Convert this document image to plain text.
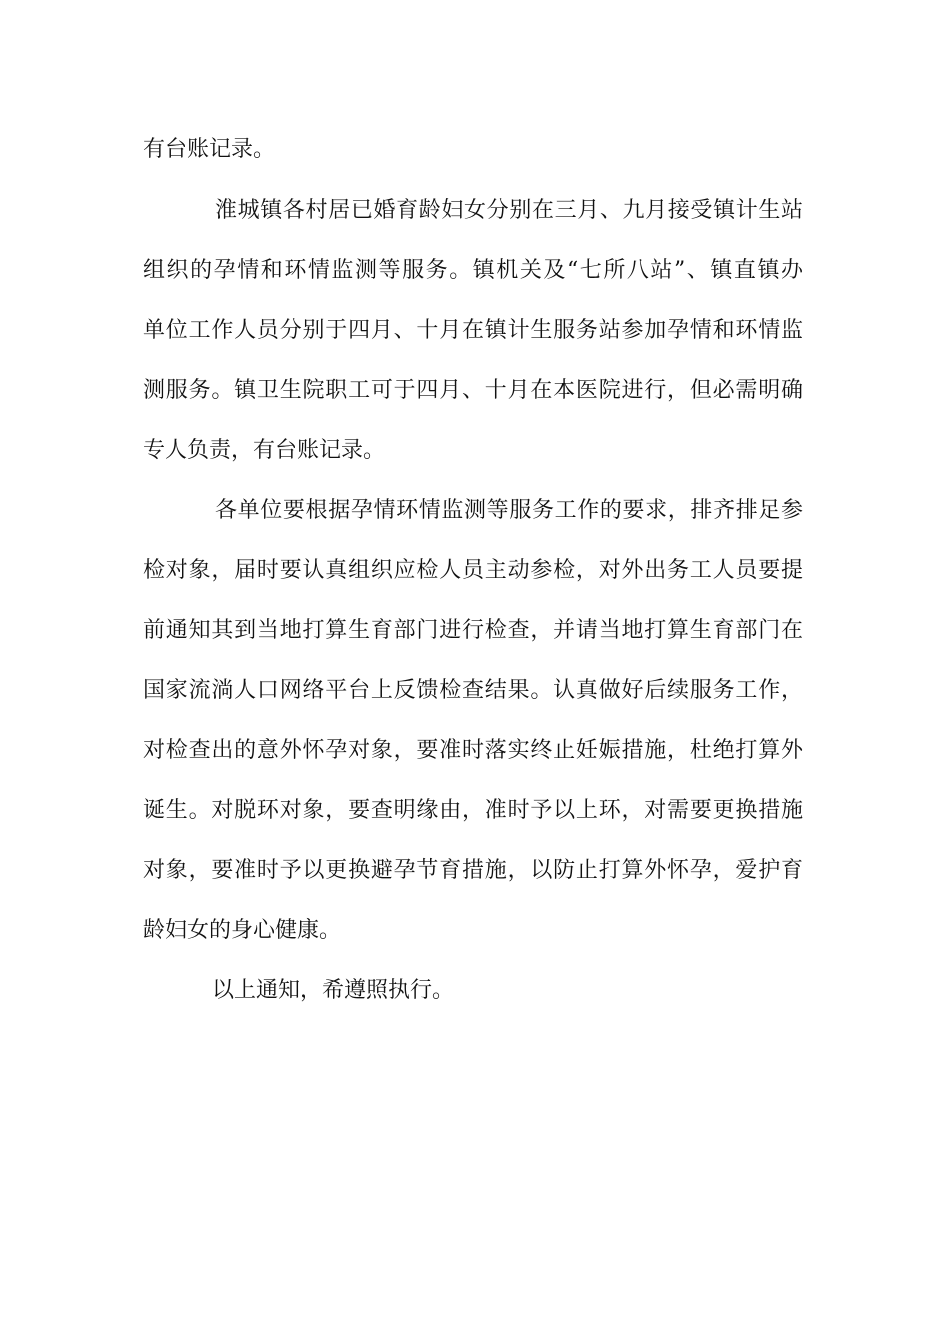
有台账记录。

淮城镇各村居已婚育龄妇女分别在三月、九月接受镇计生站

组织的孕情和环情监测等服务。镇机关及“七所八站”、镇直镇办

单位工作人员分别于四月、十月在镇计生服务站参加孕情和环情监

测服务。镇卫生院职工可于四月、十月在本医院进行，但必需明确

专人负责，有台账记录。

各单位要根据孕情环情监测等服务工作的要求，排齐排足参

检对象，届时要认真组织应检人员主动参检，对外出务工人员要提

前通知其到当地打算生育部门进行检查，并请当地打算生育部门在

国家流淌人口网络平台上反馈检查结果。认真做好后续服务工作，

对检查出的意外怀孕对象，要准时落实终止妊娠措施，杜绝打算外

诞生。对脱环对象，要查明缘由，准时予以上环，对需要更换措施

对象，要准时予以更换避孕节育措施，以防止打算外怀孕，爱护育

龄妇女的身心健康。

以上通知，希遵照执行。
